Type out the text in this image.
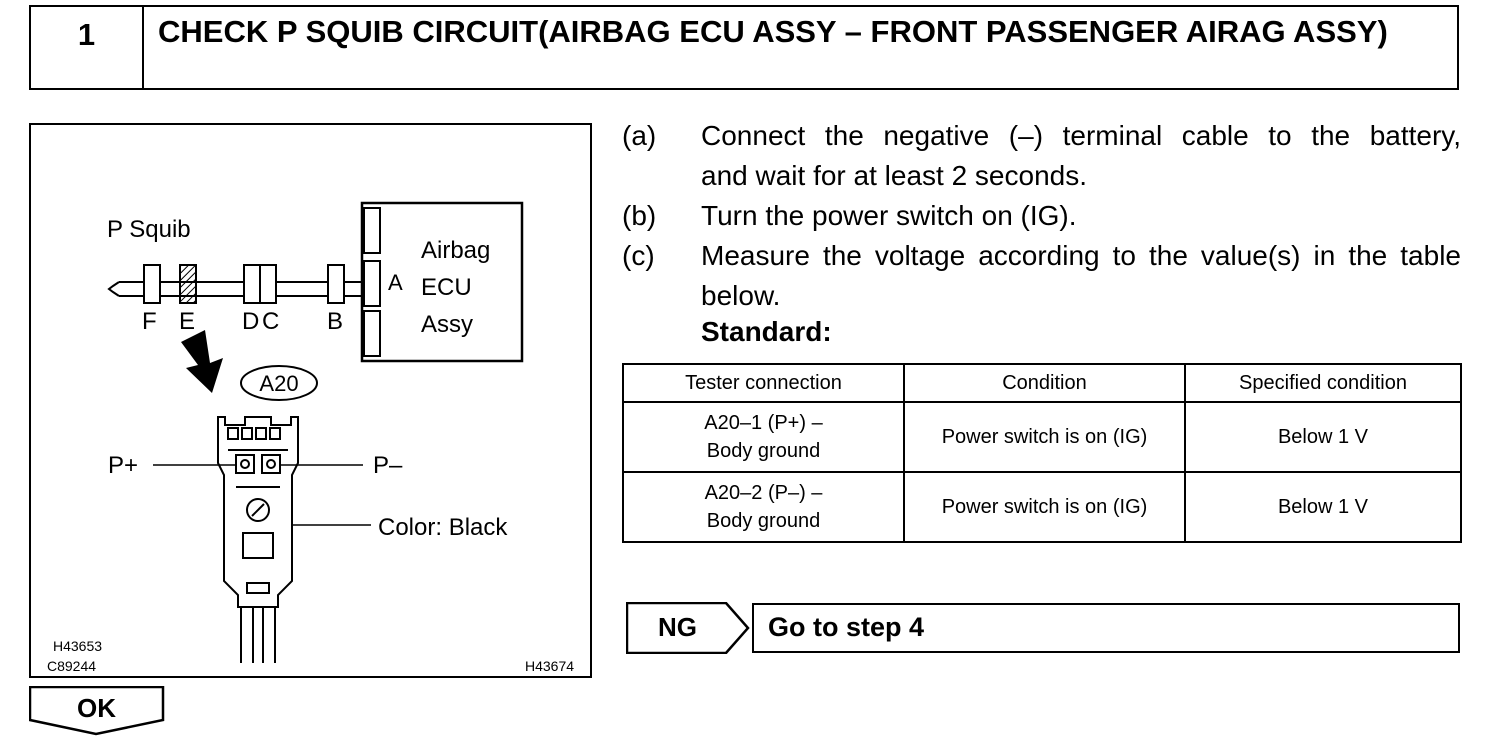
1	CHECK P SQUIB CIRCUIT(AIRBAG ECU ASSY – FRONT PASSENGER AIRAG ASSY)
P Squib
Airbag
ECU
Assy
A
F E D C B
A20
P+	P–
Color: Black
H43653
C89244	H43674
OK
(a) Connect the negative (–) terminal cable to the battery,
and wait for at least 2 seconds.
(b) Turn the power switch on (IG).
(c) Measure the voltage according to the value(s) in the table
below.
Standard:
Tester connection	Condition	Specified condition

A20–1 (P+) –
Body ground	Power switch is on (IG)	Below 1 V

A20–2 (P–) –
Body ground	Power switch is on (IG)	Below 1 V
NG	Go to step 4
